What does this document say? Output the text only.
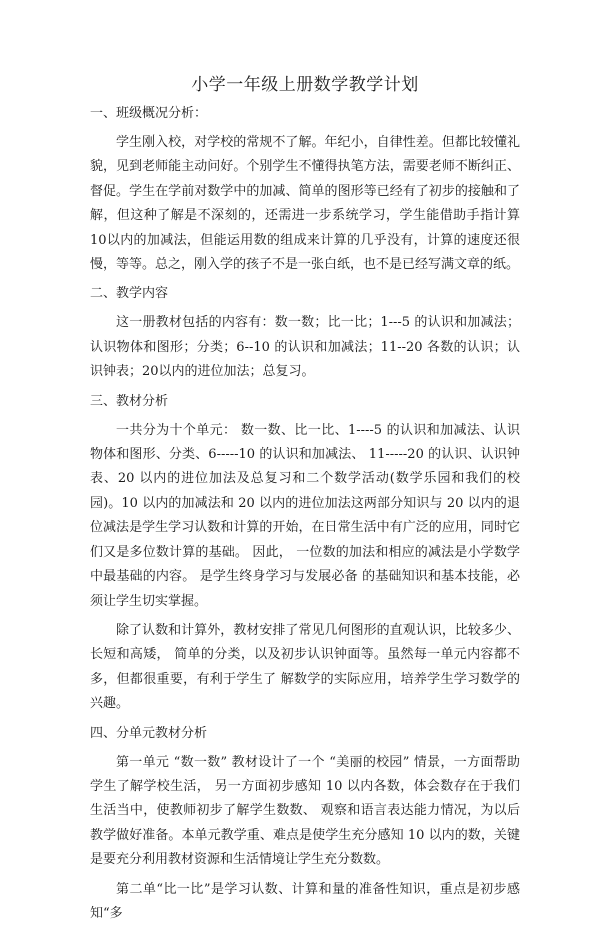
小学一年级上册数学教学计划
一、班级概况分析：

学生刚入校，对学校的常规不了解。年纪小，自律性差。但都比较懂礼貌，见到老师能主动问好。个别学生不懂得执笔方法，需要老师不断纠正、督促。学生在学前对数学中的加减、简单的图形等已经有了初步的接触和了解，但这种了解是不深刻的，还需进一步系统学习，学生能借助手指计算10以内的加减法，但能运用数的组成来计算的几乎没有，计算的速度还很慢，等等。总之，刚入学的孩子不是一张白纸，也不是已经写满文章的纸。

二、教学内容

这一册教材包括的内容有：数一数；比一比；1---5 的认识和加减法；认识物体和图形；分类；6--10 的认识和加减法；11--20 各数的认识；认识钟表；20以内的进位加法；总复习。

三、教材分析

一共分为十个单元： 数一数、比一比、1----5 的认识和加减法、认识物体和图形、分类、6-----10 的认识和加减法、 11-----20 的认识、认识钟表、20 以内的进位加法及总复习和二个数学活动(数学乐园和我们的校园)。10 以内的加减法和 20 以内的进位加法这两部分知识与 20 以内的退位减法是学生学习认数和计算的开始，在日常生活中有广泛的应用，同时它们又是多位数计算的基础。 因此， 一位数的加法和相应的减法是小学数学中最基础的内容。 是学生终身学习与发展必备 的基础知识和基本技能，必须让学生切实掌握。

除了认数和计算外，教材安排了常见几何图形的直观认识，比较多少、长短和高矮， 简单的分类，以及初步认识钟面等。虽然每一单元内容都不多，但都很重要，有利于学生了 解数学的实际应用，培养学生学习数学的兴趣。

四、分单元教材分析

第一单元 “数一数” 教材设计了一个 “美丽的校园” 情景，一方面帮助学生了解学校生活， 另一方面初步感知 10 以内各数，体会数存在于我们生活当中，使教师初步了解学生数数、 观察和语言表达能力情况，为以后教学做好准备。本单元教学重、难点是使学生充分感知 10 以内的数，关键是要充分利用教材资源和生活情境让学生充分数数。

第二单“比一比”是学习认数、计算和量的准备性知识，重点是初步感知“多
